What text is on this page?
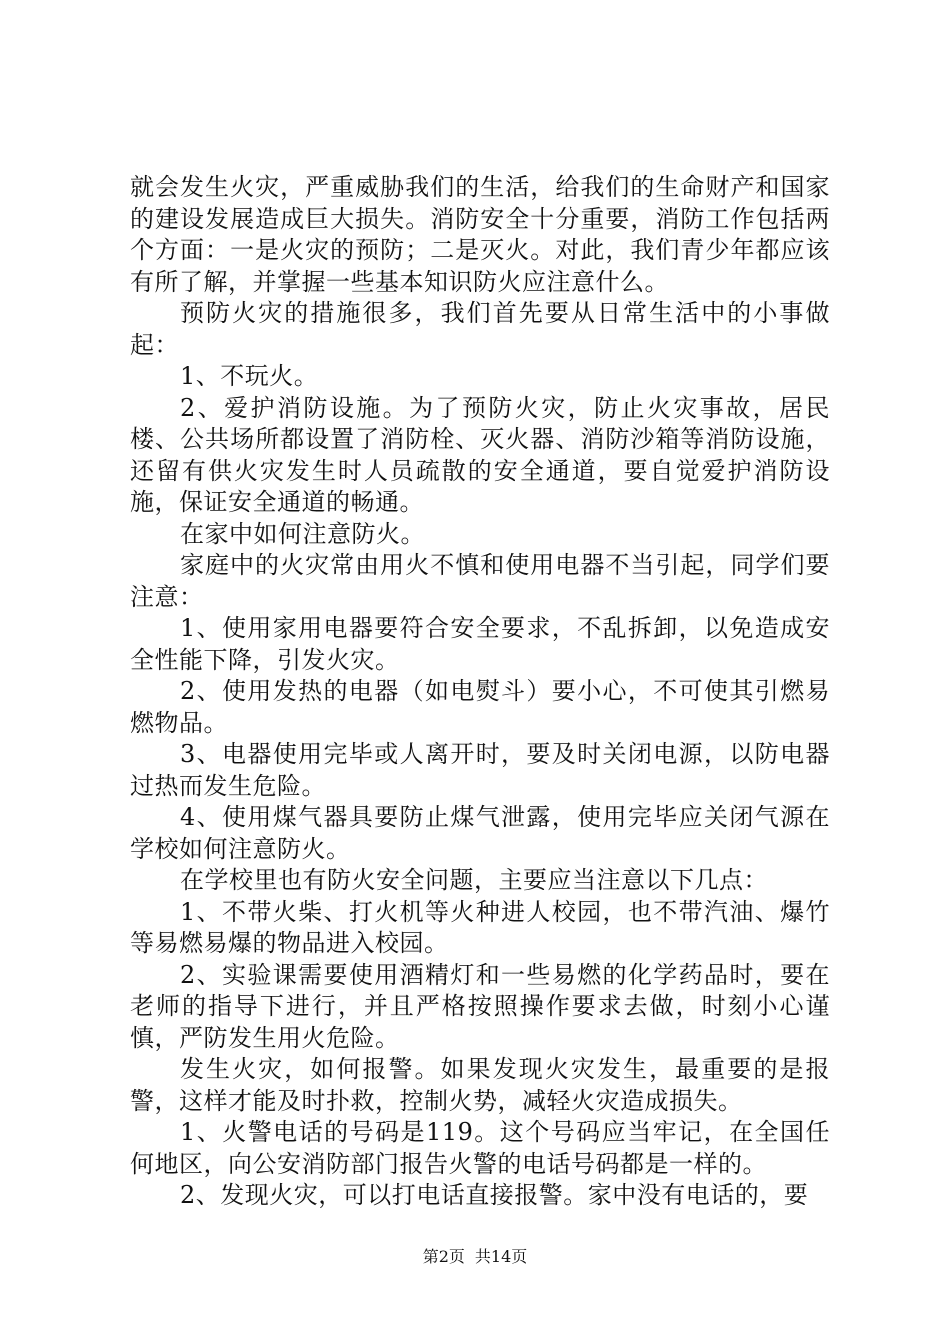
就会发生火灾，严重威胁我们的生活，给我们的生命财产和国家的建设发展造成巨大损失。消防安全十分重要，消防工作包括两个方面：一是火灾的预防；二是灭火。对此，我们青少年都应该有所了解，并掌握一些基本知识防火应注意什么。

预防火灾的措施很多，我们首先要从日常生活中的小事做起：

1、不玩火。

2、爱护消防设施。为了预防火灾，防止火灾事故，居民楼、公共场所都设置了消防栓、灭火器、消防沙箱等消防设施，还留有供火灾发生时人员疏散的安全通道，要自觉爱护消防设施，保证安全通道的畅通。

在家中如何注意防火。

家庭中的火灾常由用火不慎和使用电器不当引起，同学们要注意：

1、使用家用电器要符合安全要求，不乱拆卸，以免造成安全性能下降，引发火灾。

2、使用发热的电器（如电熨斗）要小心，不可使其引燃易燃物品。

3、电器使用完毕或人离开时，要及时关闭电源，以防电器过热而发生危险。

4、使用煤气器具要防止煤气泄露，使用完毕应关闭气源在学校如何注意防火。

在学校里也有防火安全问题，主要应当注意以下几点：

1、不带火柴、打火机等火种进人校园，也不带汽油、爆竹等易燃易爆的物品进入校园。

2、实验课需要使用酒精灯和一些易燃的化学药品时，要在老师的指导下进行，并且严格按照操作要求去做，时刻小心谨慎，严防发生用火危险。

发生火灾，如何报警。如果发现火灾发生，最重要的是报警，这样才能及时扑救，控制火势，减轻火灾造成损失。

1、火警电话的号码是119。这个号码应当牢记，在全国任何地区，向公安消防部门报告火警的电话号码都是一样的。

2、发现火灾，可以打电话直接报警。家中没有电话的，要

第2页 共14页
